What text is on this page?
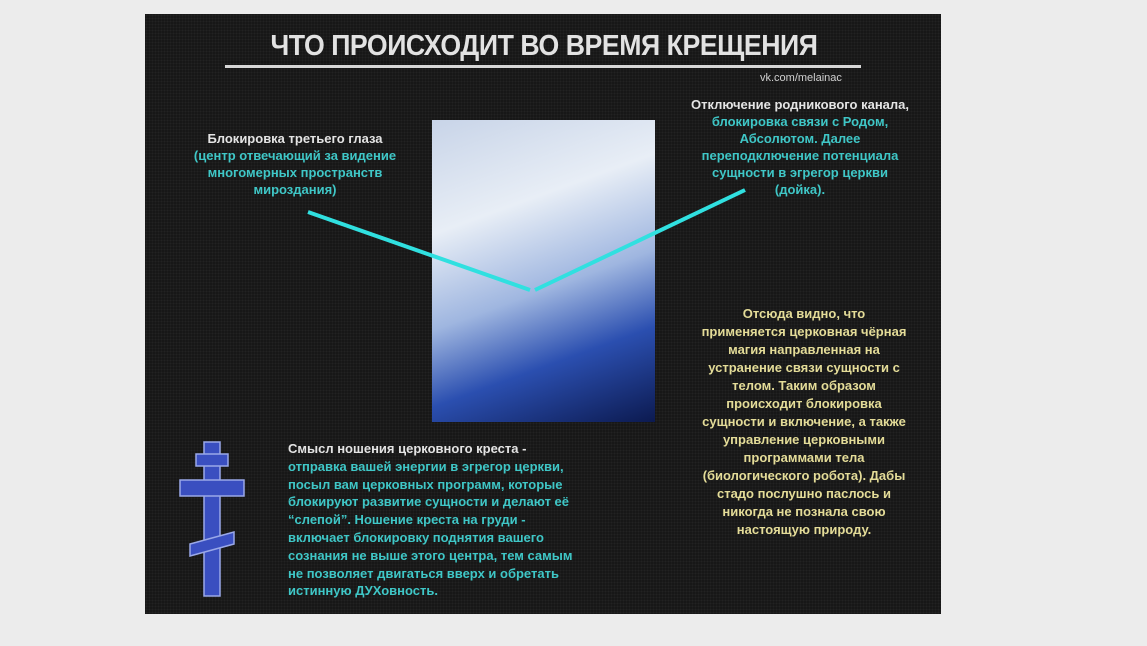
ЧТО ПРОИСХОДИТ ВО ВРЕМЯ КРЕЩЕНИЯ
vk.com/melainac
Блокировка третьего глаза
(центр отвечающий за видение
многомерных пространств
мироздания)
Отключение родникового канала,
блокировка связи с Родом,
Абсолютом. Далее
переподключение потенциала
сущности в эгрегор церкви
(дойка).
Отсюда видно, что
применяется церковная чёрная
магия направленная на
устранение связи сущности с
телом. Таким образом
происходит блокировка
сущности и включение, а также
управление церковными
программами тела
(биологического робота). Дабы
стадо послушно паслось и
никогда не познала свою
настоящую природу.
Смысл ношения церковного креста -
отправка вашей энергии в эгрегор церкви,
посыл вам церковных программ, которые
блокируют развитие сущности и делают её
“слепой”. Ношение креста на груди -
включает блокировку поднятия вашего
сознания не выше этого центра, тем самым
не позволяет двигаться вверх и обретать
истинную ДУХовность.
